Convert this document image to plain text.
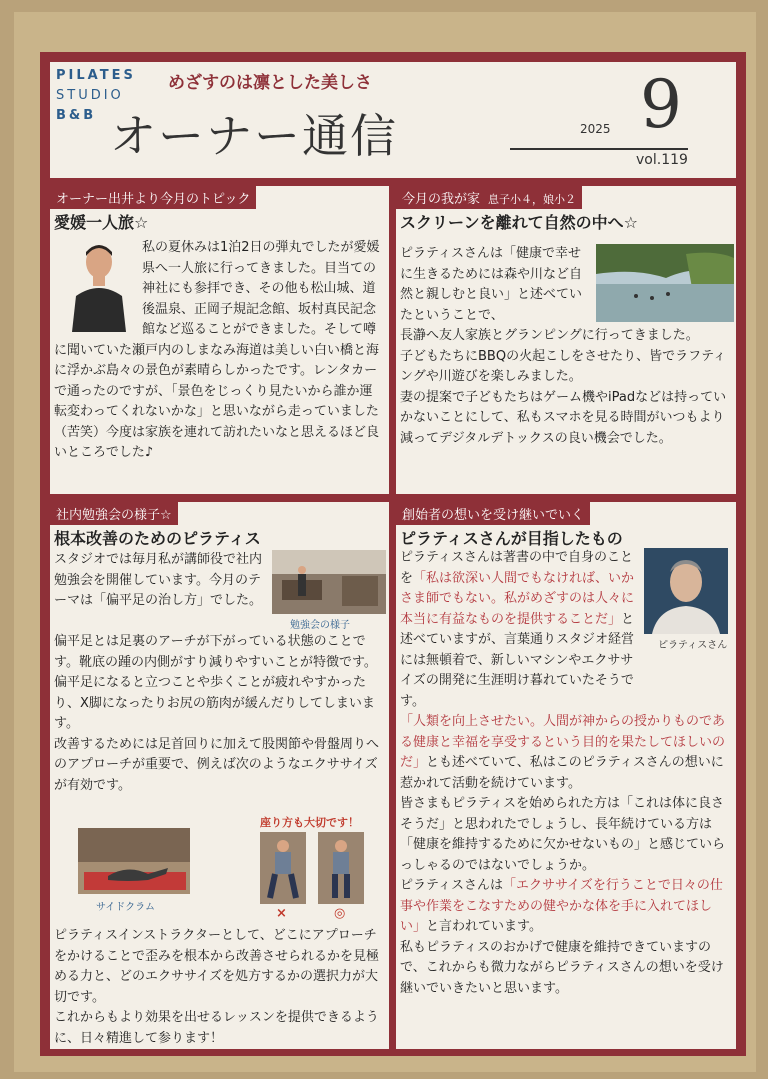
PILATES
STUDIO
B&B
めざすのは凛とした美しさ
オーナー通信	2025 9
vol.119
オーナー出井より今月のトピック
愛媛一人旅☆
私の夏休みは1泊2日の弾丸でしたが愛媛県へ一人旅に行ってきました。目当ての神社にも参拝でき、その他も松山城、道後温泉、正岡子規記念館、坂村真民記念館など巡ることができました。そして噂に聞いていた瀬戸内のしまなみ海道は美しい白い橋と海に浮かぶ島々の景色が素晴らしかったです。レンタカーで通ったのですが、「景色をじっくり見たいから誰か運転変わってくれないかな」と思いながら走っていました（苦笑）今度は家族を連れて訪れたいなと思えるほど良いところでした♪
今月の我が家 息子小４，娘小２
スクリーンを離れて自然の中へ☆

ピラティスさんは「健康で幸せに生きるためには森や川など自然と親しむと良い」と述べていたということで、

長瀞へ友人家族とグランピングに行ってきました。

子どもたちにBBQの火起こしをさせたり、皆でラフティングや川遊びを楽しみました。

妻の提案で子どもたちはゲーム機やiPadなどは持っていかないことにして、私もスマホを見る時間がいつもより減ってデジタルデトックスの良い機会でした。

社内勉強会の様子☆
根本改善のためのピラティス
勉強会の様子
スタジオでは毎月私が講師役で社内勉強会を開催しています。今月のテーマは「偏平足の治し方」でした。

偏平足とは足裏のアーチが下がっている状態のことです。靴底の踵の内側がすり減りやすいことが特徴です。

偏平足になると立つことや歩くことが疲れやすかったり、X脚になったりお尻の筋肉が緩んだりしてしまいます。

改善するためには足首回りに加えて股関節や骨盤周りへのアプローチが重要で、例えば次のようなエクササイズが有効です。

サイドクラム
座り方も大切です！
×	◎

ピラティスインストラクターとして、どこにアプローチをかけることで歪みを根本から改善させられるかを見極める力と、どのエクササイズを処方するかの選択力が大切です。

これからもより効果を出せるレッスンを提供できるように、日々精進して参ります！

創始者の想いを受け継いでいく
ピラティスさんが目指したもの
ピラティスさん

ピラティスさんは著書の中で自身のことを「私は欲深い人間でもなければ、いかさま師でもない。私がめざすのは人々に本当に有益なものを提供することだ」と述べていますが、言葉通りスタジオ経営には無頓着で、新しいマシンやエクササイズの開発に生涯明け暮れていたそうです。

「人類を向上させたい。人間が神からの授かりものである健康と幸福を享受するという目的を果たしてほしいのだ」とも述べていて、私はこのピラティスさんの想いに惹かれて活動を続けています。

皆さまもピラティスを始められた方は「これは体に良さそうだ」と思われたでしょうし、長年続けている方は「健康を維持するために欠かせないもの」と感じていらっしゃるのではないでしょうか。

ピラティスさんは「エクササイズを行うことで日々の仕事や作業をこなすための健やかな体を手に入れてほしい」と言われています。

私もピラティスのおかげで健康を維持できていますので、これからも微力ながらピラティスさんの想いを受け継いでいきたいと思います。
